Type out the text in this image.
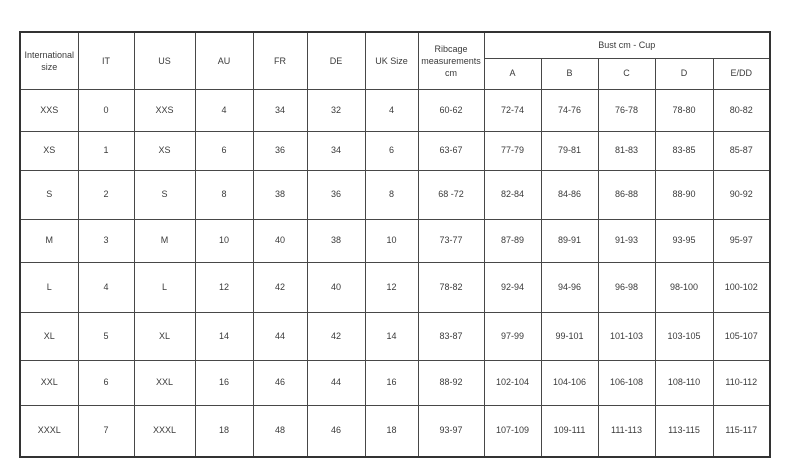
International size	IT	US	AU	FR	DE	UK Size	Ribcage measurements cm	Bust cm - Cup				
								A	B	C	D	E/DD
XXS	0	XXS	4	34	32	4	60-62	72-74	74-76	76-78	78-80	80-82
XS	1	XS	6	36	34	6	63-67	77-79	79-81	81-83	83-85	85-87
S	2	S	8	38	36	8	68 -72	82-84	84-86	86-88	88-90	90-92
M	3	M	10	40	38	10	73-77	87-89	89-91	91-93	93-95	95-97
L	4	L	12	42	40	12	78-82	92-94	94-96	96-98	98-100	100-102
XL	5	XL	14	44	42	14	83-87	97-99	99-101	101-103	103-105	105-107
XXL	6	XXL	16	46	44	16	88-92	102-104	104-106	106-108	108-110	110-112
XXXL	7	XXXL	18	48	46	18	93-97	107-109	109-111	111-113	113-115	115-117
